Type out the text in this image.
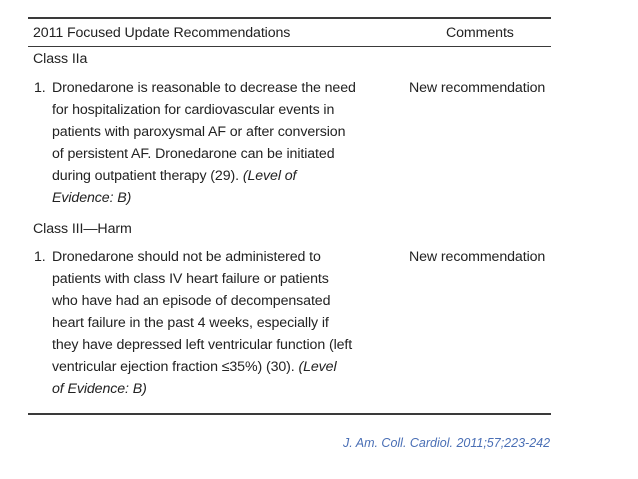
2011 Focused Update Recommendations	Comments
Class IIa
1. Dronedarone is reasonable to decrease the need
for hospitalization for cardiovascular events in
patients with paroxysmal AF or after conversion
of persistent AF. Dronedarone can be initiated
during outpatient therapy (29). (Level of
Evidence: B)
New recommendation
Class III—Harm
1. Dronedarone should not be administered to
patients with class IV heart failure or patients
who have had an episode of decompensated
heart failure in the past 4 weeks, especially if
they have depressed left ventricular function (left
ventricular ejection fraction ≤35%) (30). (Level
of Evidence: B)
New recommendation
J. Am. Coll. Cardiol. 2011;57;223-242
